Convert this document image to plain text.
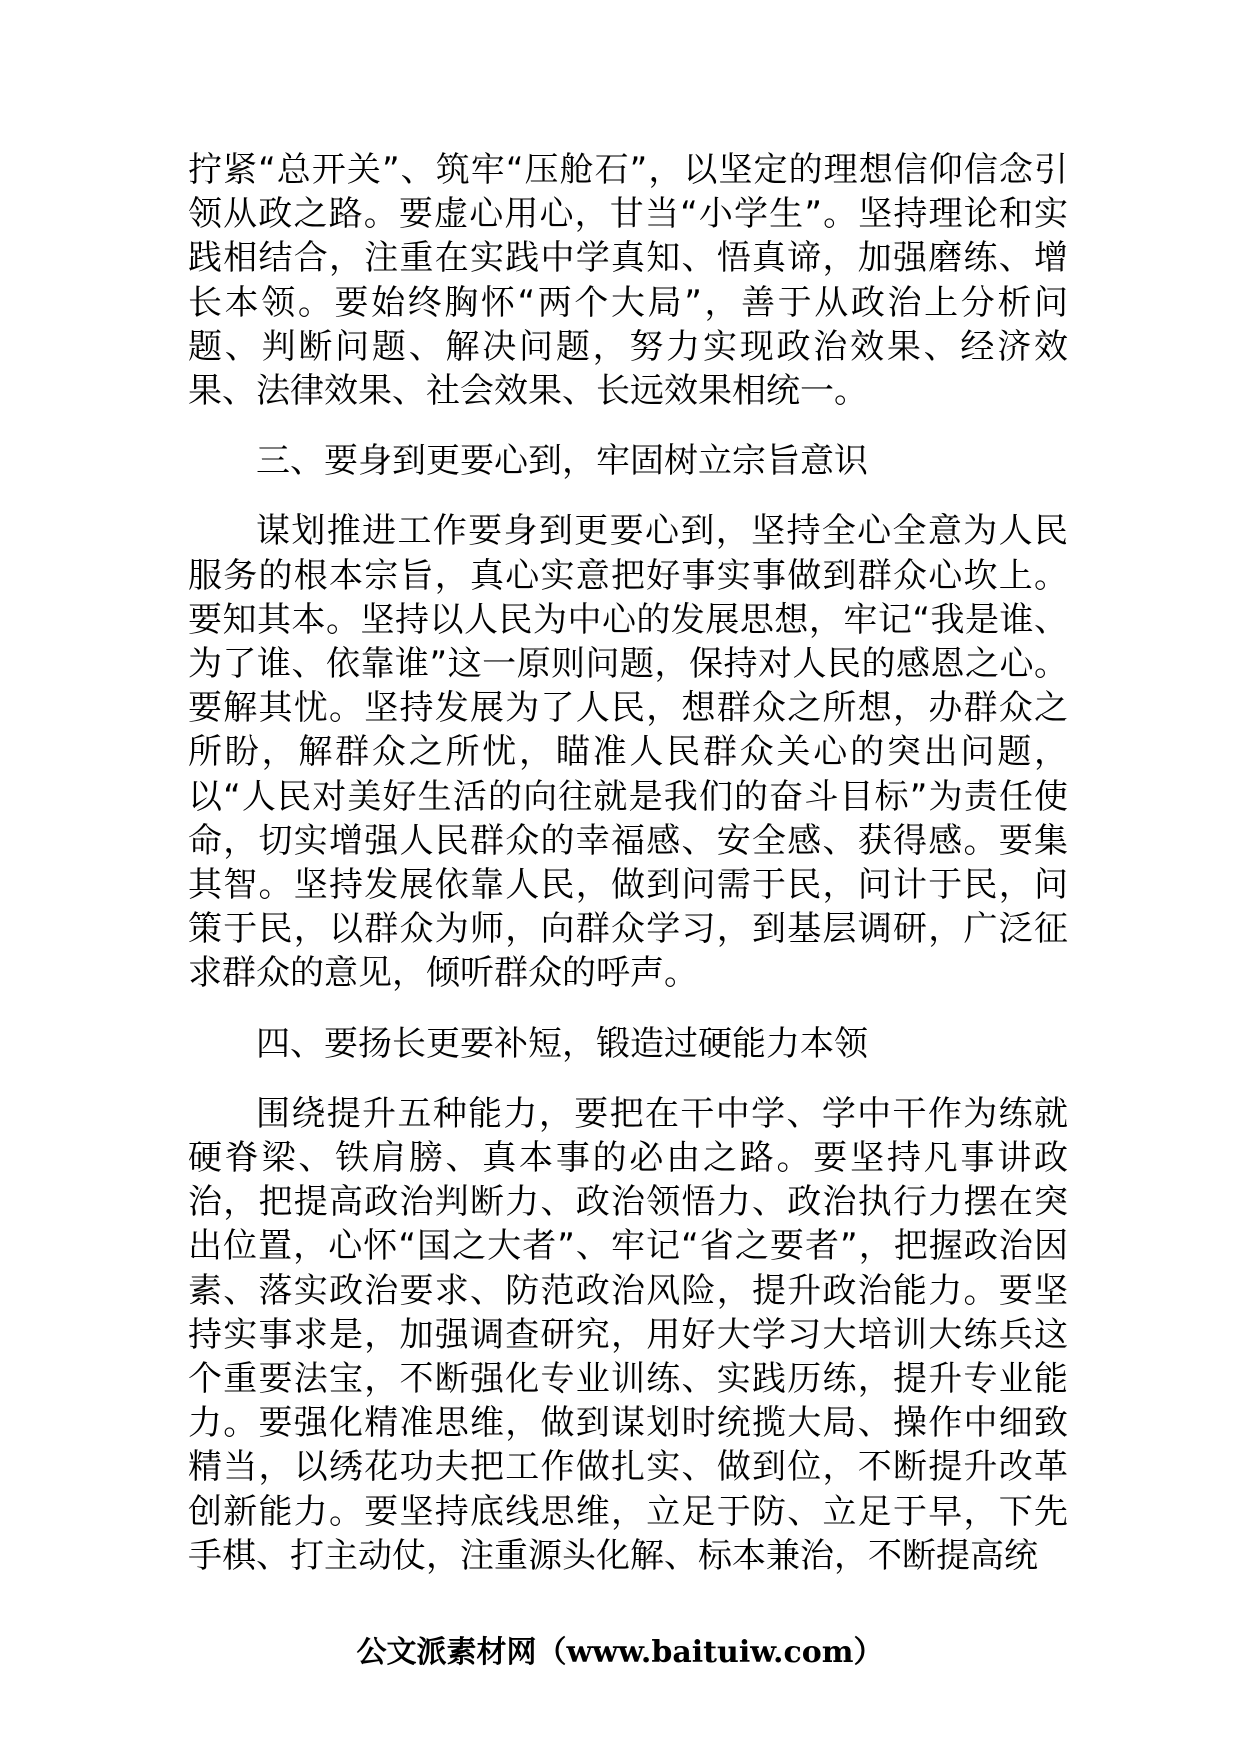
拧紧“总开关”、筑牢“压舱石”，以坚定的理想信仰信念引领从政之路。要虚心用心，甘当“小学生”。坚持理论和实践相结合，注重在实践中学真知、悟真谛，加强磨练、增长本领。要始终胸怀“两个大局”，善于从政治上分析问题、判断问题、解决问题，努力实现政治效果、经济效果、法律效果、社会效果、长远效果相统一。

三、要身到更要心到，牢固树立宗旨意识

谋划推进工作要身到更要心到，坚持全心全意为人民服务的根本宗旨，真心实意把好事实事做到群众心坎上。要知其本。坚持以人民为中心的发展思想，牢记“我是谁、为了谁、依靠谁”这一原则问题，保持对人民的感恩之心。要解其忧。坚持发展为了人民，想群众之所想，办群众之所盼，解群众之所忧，瞄准人民群众关心的突出问题，以“人民对美好生活的向往就是我们的奋斗目标”为责任使命，切实增强人民群众的幸福感、安全感、获得感。要集其智。坚持发展依靠人民，做到问需于民，问计于民，问策于民，以群众为师，向群众学习，到基层调研，广泛征求群众的意见，倾听群众的呼声。

四、要扬长更要补短，锻造过硬能力本领

围绕提升五种能力，要把在干中学、学中干作为练就硬脊梁、铁肩膀、真本事的必由之路。要坚持凡事讲政治，把提高政治判断力、政治领悟力、政治执行力摆在突出位置，心怀“国之大者”、牢记“省之要者”，把握政治因素、落实政治要求、防范政治风险，提升政治能力。要坚持实事求是，加强调查研究，用好大学习大培训大练兵这个重要法宝，不断强化专业训练、实践历练，提升专业能力。要强化精准思维，做到谋划时统揽大局、操作中细致精当，以绣花功夫把工作做扎实、做到位，不断提升改革创新能力。要坚持底线思维，立足于防、立足于早，下先手棋、打主动仗，注重源头化解、标本兼治，不断提高统

公文派素材网（www.baituiw.com）
